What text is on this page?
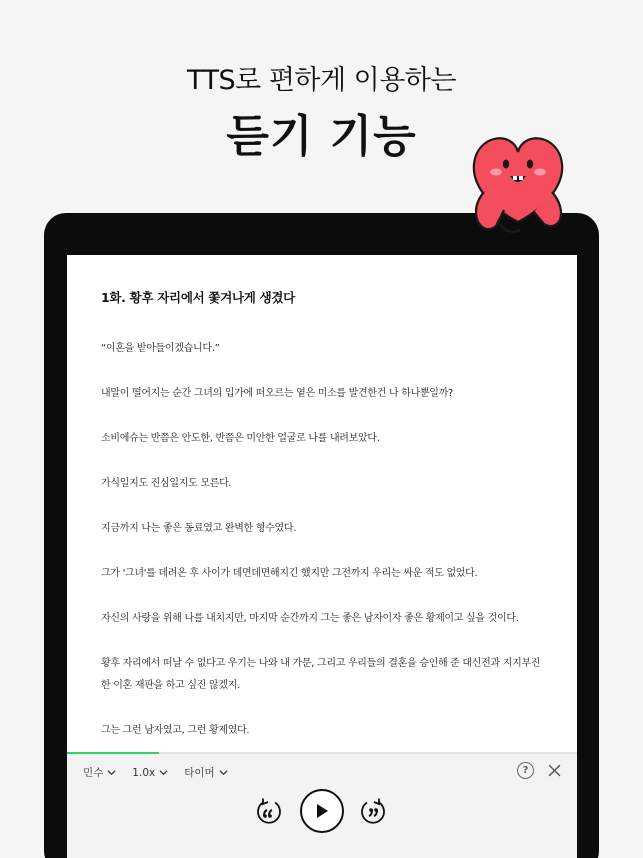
TTS로 편하게 이용하는
듣기 기능
1화. 황후 자리에서 쫓겨나게 생겼다

“이혼을 받아들이겠습니다.”

내말이 떨어지는 순간 그녀의 입가에 떠오르는 옅은 미소를 발견한건 나 하나뿐일까?

소비에슈는 반쯤은 안도한, 반쯤은 미안한 얼굴로 나를 내려보았다.

가식일지도 진심일지도 모른다.

지금까지 나는 좋은 동료였고 완벽한 형수였다.

그가 '그녀'를 데려온 후 사이가 데면데면해지긴 했지만 그전까지 우리는 싸운 적도 없었다.

자신의 사랑을 위해 나를 내치지만, 마지막 순간까지 그는 좋은 남자이자 좋은 황제이고 싶을 것이다.

황후 자리에서 떠날 수 없다고 우기는 나와 내 가문, 그리고 우리들의 결혼을 승인해 준 대신전과 지지부진한 이혼 재판을 하고 싶진 않겠지.

그는 그런 남자였고, 그런 황제였다.

민수	1.0x	타이머	?
